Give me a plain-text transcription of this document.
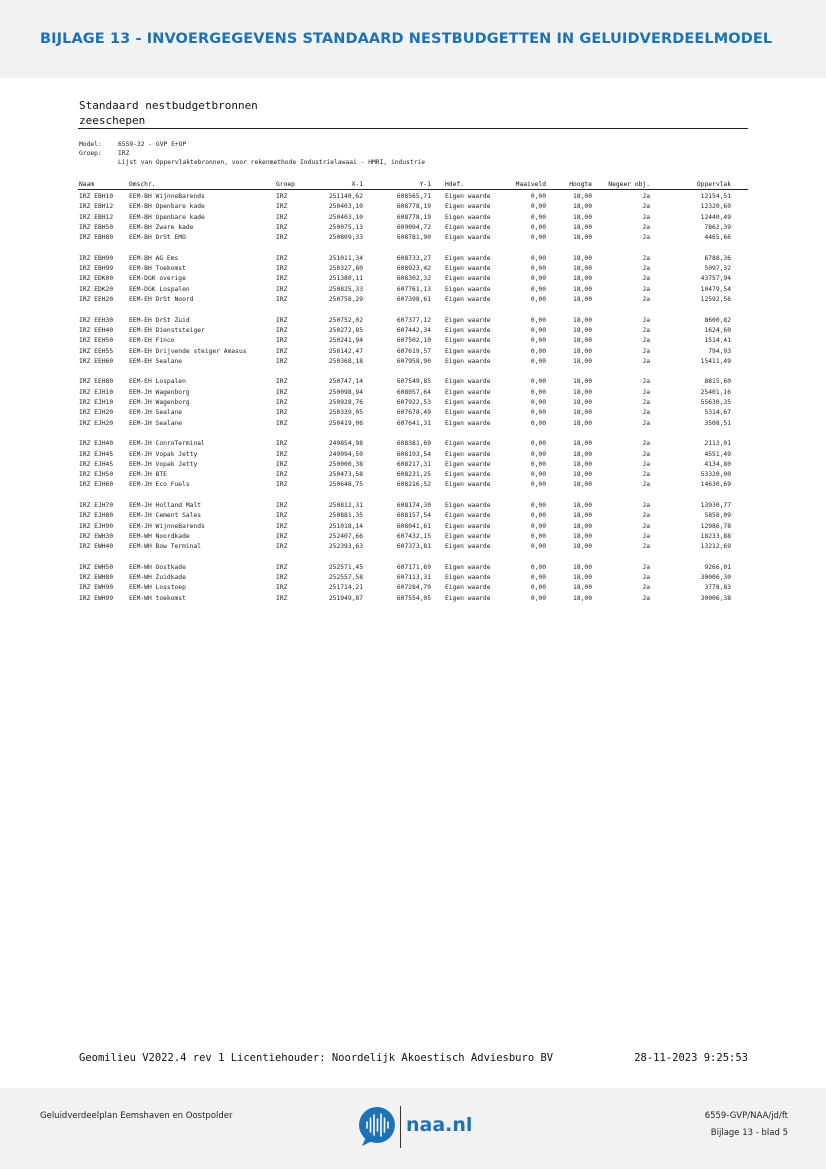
BIJLAGE 13 - INVOERGEGEVENS STANDAARD NESTBUDGETTEN IN GELUIDVERDEELMODEL
Standaard nestbudgetbronnen
zeeschepen
Model:	6559-32 - GVP E+OP
Groep:	IRZ
Lijst van Oppervlaktebronnen, voor rekenmethode Industrielawaai - HMRI, industrie
Naam	Omschr.	Groep	X-1	Y-1 Hdef.	Maaiveld	Hoogte	Negeer obj.	Oppervlak
IRZ EBH10	EEM-BH WijnneBarends	IRZ	251140,62	608565,71 Eigen waarde	0,00	18,00	Ja	12154,51
IRZ EBH12	EEM-BH Openbare kade	IRZ	250403,10	608778,19 Eigen waarde	0,00	18,00	Ja	12320,60
IRZ EBH12	EEM-BH Openbare kade	IRZ	250403,10	608778,19 Eigen waarde	0,00	18,00	Ja	12440,49
IRZ EBH50	EEM-BH Zware kade	IRZ	250075,13	609094,72 Eigen waarde	0,00	18,00	Ja	7862,39
IRZ EBH80	EEM-BH DrSt EMO	IRZ	250809,33	608781,90 Eigen waarde	0,00	18,00	Ja	4465,66
IRZ EBH90	EEM-BH AG Ems	IRZ	251011,34	608733,27 Eigen waarde	0,00	18,00	Ja	6788,36
IRZ EBH99	EEM-BH Toekomst	IRZ	250327,80	608923,42 Eigen waarde	0,00	18,00	Ja	5097,32
IRZ EDK00	EEM-DGK overige	IRZ	251380,11	608302,32 Eigen waarde	0,00	18,00	Ja	43757,94
IRZ EDK20	EEM-DGK Lospalen	IRZ	250825,33	607761,13 Eigen waarde	0,00	18,00	Ja	10479,54
IRZ EEH20	EEM-EH DrSt Noord	IRZ	250758,29	607398,61 Eigen waarde	0,00	18,00	Ja	12592,56
IRZ EEH30	EEM-EH DrSt Zuid	IRZ	250752,02	607377,12 Eigen waarde	0,00	18,00	Ja	8600,82
IRZ EEH40	EEM-EH Dienststeiger	IRZ	250272,85	607442,34 Eigen waarde	0,00	18,00	Ja	1624,60
IRZ EEH50	EEM-EH Finco	IRZ	250241,94	607502,10 Eigen waarde	0,00	18,00	Ja	1514,41
IRZ EEH55	EEM-EH Drijvende steiger Amasus	IRZ	250142,47	607619,57 Eigen waarde	0,00	18,00	Ja	794,93
IRZ EEH60	EEM-EH Sealane	IRZ	250368,18	607958,90 Eigen waarde	0,00	18,00	Ja	15411,49
IRZ EEH80	EEM-EH Lospalen	IRZ	250747,14	607549,85 Eigen waarde	0,00	18,00	Ja	8815,60
IRZ EJH10	EEM-JH Wagenborg	IRZ	250098,94	608057,64 Eigen waarde	0,00	18,00	Ja	25401,16
IRZ EJH10	EEM-JH Wagenborg	IRZ	250928,76	607922,53 Eigen waarde	0,00	18,00	Ja	55630,35
IRZ EJH20	EEM-JH Sealane	IRZ	250339,05	607678,49 Eigen waarde	0,00	18,00	Ja	5314,67
IRZ EJH20	EEM-JH Sealane	IRZ	250419,06	607641,31 Eigen waarde	0,00	18,00	Ja	3508,51
IRZ EJH40	EEM-JH ConroTerminal	IRZ	249854,98	608381,69 Eigen waarde	0,00	18,00	Ja	2113,01
IRZ EJH45	EEM-JH Vopak Jetty	IRZ	249994,50	608193,54 Eigen waarde	0,00	18,00	Ja	4551,49
IRZ EJH45	EEM-JH Vopak Jetty	IRZ	250000,38	608217,31 Eigen waarde	0,00	18,00	Ja	4134,80
IRZ EJH50	EEM-JH BTE	IRZ	250473,58	608231,25 Eigen waarde	0,00	18,00	Ja	53320,00
IRZ EJH60	EEM-JH Eco Fuels	IRZ	250648,75	608216,52 Eigen waarde	0,00	18,00	Ja	14630,69
IRZ EJH70	EEM-JH Holland Malt	IRZ	250812,31	608174,30 Eigen waarde	0,00	18,00	Ja	13930,77
IRZ EJH80	EEM-JH Cement Sales	IRZ	250881,35	608157,54 Eigen waarde	0,00	18,00	Ja	5858,09
IRZ EJH90	EEM-JH WijnneBarends	IRZ	251018,14	608041,61 Eigen waarde	0,00	18,00	Ja	12986,78
IRZ EWH30	EEM-WH Noordkade	IRZ	252407,66	607432,15 Eigen waarde	0,00	18,00	Ja	18233,88
IRZ EWH40	EEM-WH Bow Terminal	IRZ	252393,63	607373,81 Eigen waarde	0,00	18,00	Ja	13212,69
IRZ EWH50	EEM-WH Oostkade	IRZ	252571,45	607171,69 Eigen waarde	0,00	18,00	Ja	9266,01
IRZ EWH80	EEM-WH Zuidkade	IRZ	252557,58	607113,31 Eigen waarde	0,00	18,00	Ja	30006,30
IRZ EWH90	EEM-WH Losstoep	IRZ	251714,21	607284,79 Eigen waarde	0,00	18,00	Ja	3778,83
IRZ EWH99	EEM-WH toekomst	IRZ	251949,87	607554,05 Eigen waarde	0,00	18,00	Ja	30006,38
Geomilieu V2022.4 rev 1 Licentiehouder: Noordelijk Akoestisch Adviesburo BV	28-11-2023 9:25:53
Geluidverdeelplan Eemshaven en Oostpolder	naa.nl	6559-GVP/NAA/jd/ft
Bijlage 13 - blad 5
